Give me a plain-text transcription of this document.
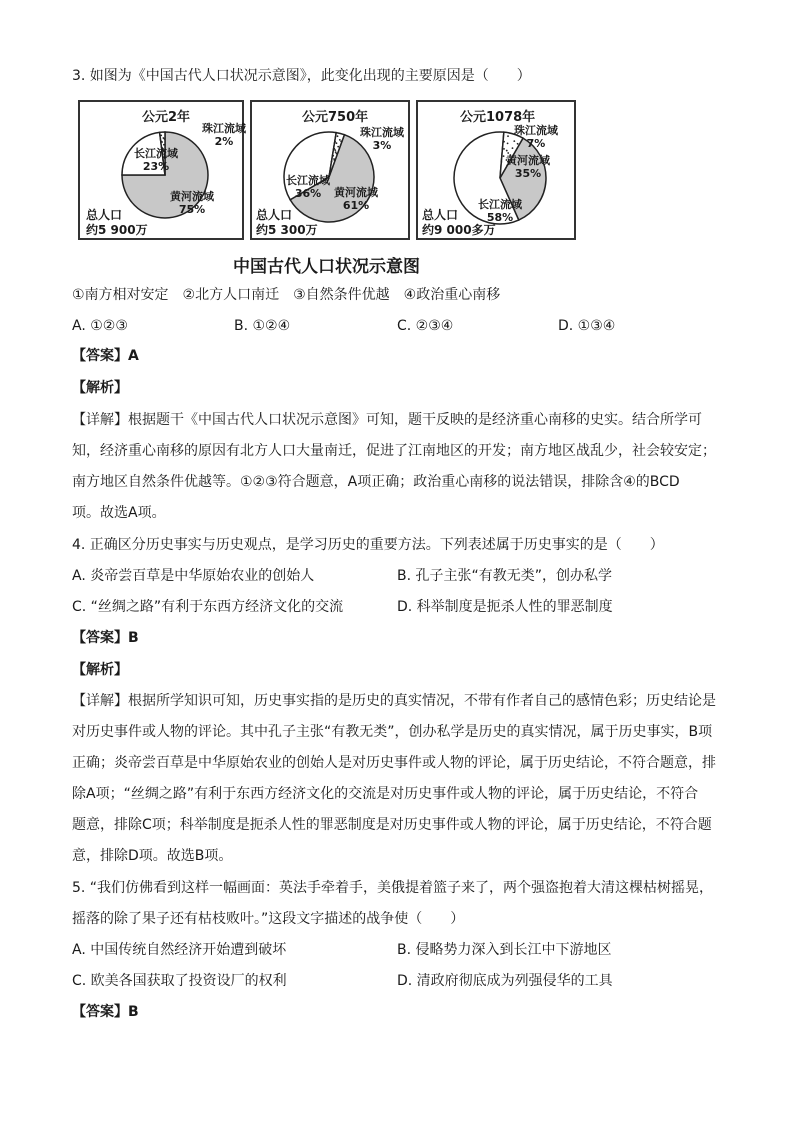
3. 如图为《中国古代人口状况示意图》，此变化出现的主要原因是（　　）
公元2年
珠江流域
2%
长江流域
23%
黄河流域
75%
总人口
约5 900万
公元750年
珠江流域
3%
长江流域
36%	黄河流域
61%
总人口
约5 300万
公元1078年
珠江流域
7%
黄河流域
35%
长江流域
58%
总人口
约9 000多万
中国古代人口状况示意图
①南方相对安定　②北方人口南迁　③自然条件优越　④政治重心南移
A. ①②③	B. ①②④	C. ②③④	D. ①③④
【答案】A
【解析】
【详解】根据题干《中国古代人口状况示意图》可知，题干反映的是经济重心南移的史实。结合所学可
知，经济重心南移的原因有北方人口大量南迁，促进了江南地区的开发；南方地区战乱少，社会较安定；
南方地区自然条件优越等。①②③符合题意，A项正确；政治重心南移的说法错误，排除含④的BCD
项。故选A项。
4. 正确区分历史事实与历史观点，是学习历史的重要方法。下列表述属于历史事实的是（　　）
A. 炎帝尝百草是中华原始农业的创始人	B. 孔子主张“有教无类”，创办私学
C. “丝绸之路”有利于东西方经济文化的交流	D. 科举制度是扼杀人性的罪恶制度
【答案】B
【解析】
【详解】根据所学知识可知，历史事实指的是历史的真实情况，不带有作者自己的感情色彩；历史结论是
对历史事件或人物的评论。其中孔子主张“有教无类”，创办私学是历史的真实情况，属于历史事实，B项
正确；炎帝尝百草是中华原始农业的创始人是对历史事件或人物的评论，属于历史结论，不符合题意，排
除A项；“丝绸之路”有利于东西方经济文化的交流是对历史事件或人物的评论，属于历史结论，不符合
题意，排除C项；科举制度是扼杀人性的罪恶制度是对历史事件或人物的评论，属于历史结论，不符合题
意，排除D项。故选B项。
5. “我们仿佛看到这样一幅画面：英法手牵着手，美俄提着篮子来了，两个强盗抱着大清这棵枯树摇晃，
摇落的除了果子还有枯枝败叶。”这段文字描述的战争使（　　）
A. 中国传统自然经济开始遭到破坏	B. 侵略势力深入到长江中下游地区
C. 欧美各国获取了投资设厂的权利	D. 清政府彻底成为列强侵华的工具
【答案】B
